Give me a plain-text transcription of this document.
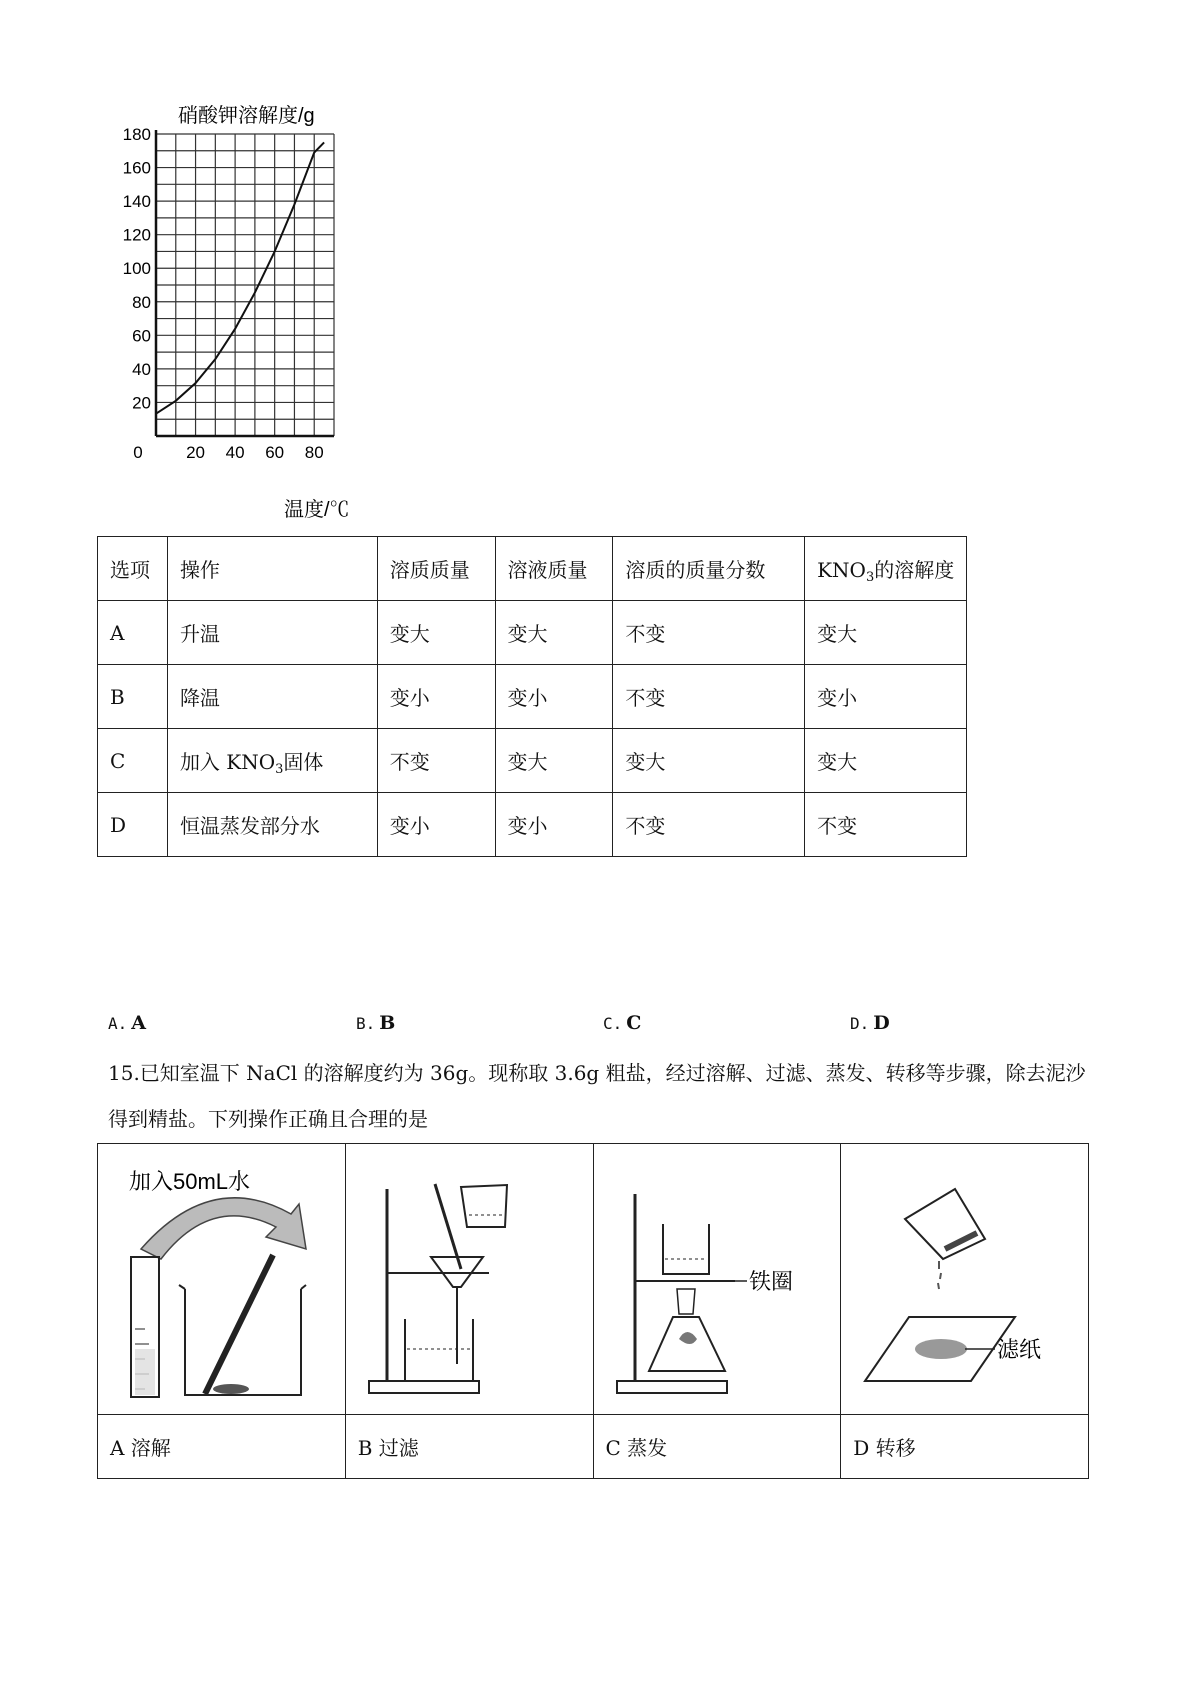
20
40
60
80
100
120
140
160
180
0	20 40 60 80
硝酸钾溶解度/g
温度/℃
选项	操作	溶质质量	溶液质量	溶质的质量分数	$KNO_3$的溶解度
A	升温	变大	变大	不变	变大
B	降温	变小	变小	不变	变小
C	加入 $KNO_3$固体	不变	变大	变大	变大
D	恒温蒸发部分水	变小	变小	不变	不变
A. A	B. B	C. C	D. D
15.已知室温下 NaCl 的溶解度约为 36g。现称取 3.6g 粗盐，经过溶解、过滤、蒸发、转移等步骤，除去泥沙得到精盐。下列操作正确且合理的是
加入50mL水		铁圈	滤纸

A 溶解	B 过滤	C 蒸发	D 转移
